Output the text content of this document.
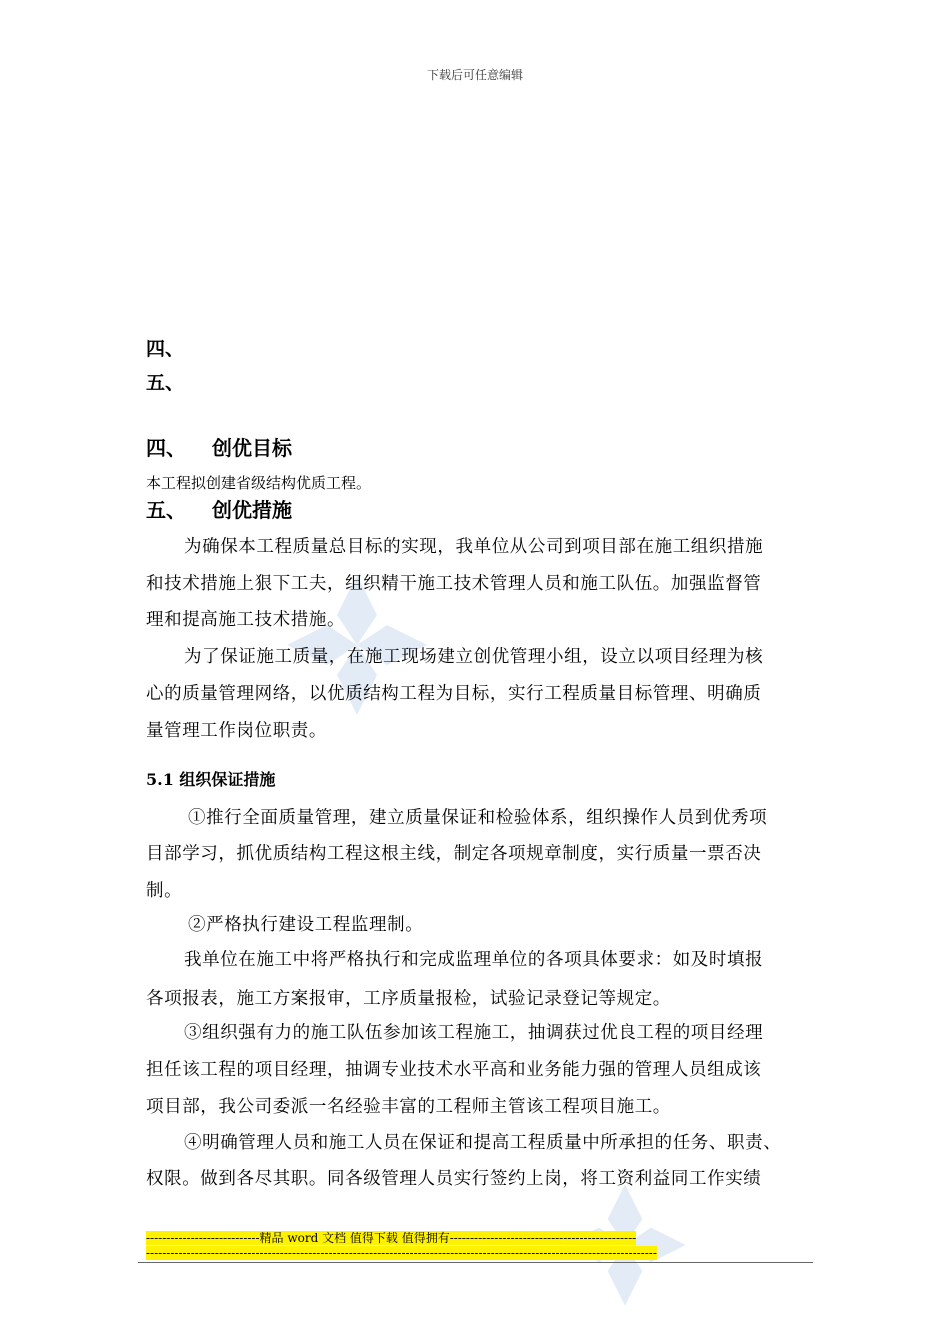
下载后可任意编辑
四、
五、
四、 创优目标
本工程拟创建省级结构优质工程。
五、 创优措施
为确保本工程质量总目标的实现，我单位从公司到项目部在施工组织措施
和技术措施上狠下工夫，组织精干施工技术管理人员和施工队伍。加强监督管
理和提高施工技术措施。
为了保证施工质量，在施工现场建立创优管理小组，设立以项目经理为核
心的质量管理网络，以优质结构工程为目标，实行工程质量目标管理、明确质
量管理工作岗位职责。
5.1 组织保证措施
①推行全面质量管理，建立质量保证和检验体系，组织操作人员到优秀项
目部学习，抓优质结构工程这根主线，制定各项规章制度，实行质量一票否决
制。
②严格执行建设工程监理制。
我单位在施工中将严格执行和完成监理单位的各项具体要求：如及时填报
各项报表，施工方案报审，工序质量报检，试验记录登记等规定。
③组织强有力的施工队伍参加该工程施工，抽调获过优良工程的项目经理
担任该工程的项目经理，抽调专业技术水平高和业务能力强的管理人员组成该
项目部，我公司委派一名经验丰富的工程师主管该工程项目施工。
④明确管理人员和施工人员在保证和提高工程质量中所承担的任务、职责、
权限。做到各尽其职。同各级管理人员实行签约上岗，将工资利益同工作实绩
----------------------------精品 word 文档 值得下载 值得拥有----------------------------------------------
------------------------------------------------------------------------------------------------------------------------------
